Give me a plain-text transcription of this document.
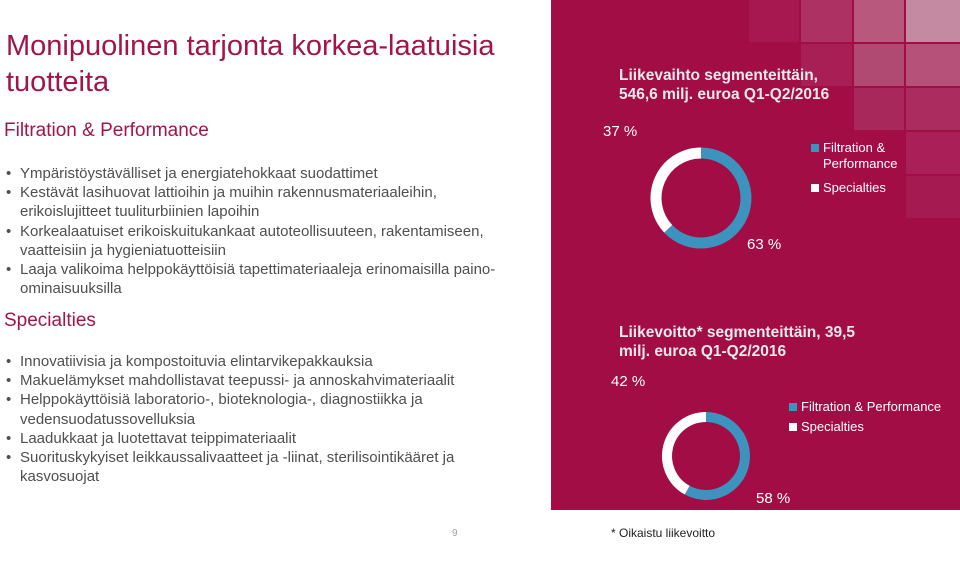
Monipuolinen tarjonta korkea-laatuisia tuotteita
Filtration & Performance
• Ympäristöystävälliset ja energiatehokkaat suodattimet
• Kestävät lasihuovat lattioihin ja muihin rakennusmateriaaleihin, erikoislujitteet tuuliturbiinien lapoihin
• Korkealaatuiset erikoiskuitukankaat autoteollisuuteen, rakentamiseen, vaatteisiin ja hygieniatuotteisiin
• Laaja valikoima helppokäyttöisiä tapettimateriaaleja erinomaisilla paino-ominaisuuksilla
Specialties
• Innovatiivisia ja kompostoituvia elintarvikepakkauksia
• Makuelämykset mahdollistavat teepussi- ja annoskahvimateriaalit
• Helppokäyttöisiä laboratorio-, bioteknologia-, diagnostiikka ja vedensuodatussovelluksia
• Laadukkaat ja luotettavat teippimateriaalit
• Suorituskykyiset leikkaussalivaatteet ja -liinat, sterilisointikääret ja kasvosuojat
9
Liikevaihto segmenteittäin,
546,6 milj. euroa Q1-Q2/2016
37 %
63 %
Filtration & Performance
Specialties
Liikevoitto* segmenteittäin, 39,5
milj. euroa Q1-Q2/2016
42 %
58 %
Filtration & Performance
Specialties
* Oikaistu liikevoitto
